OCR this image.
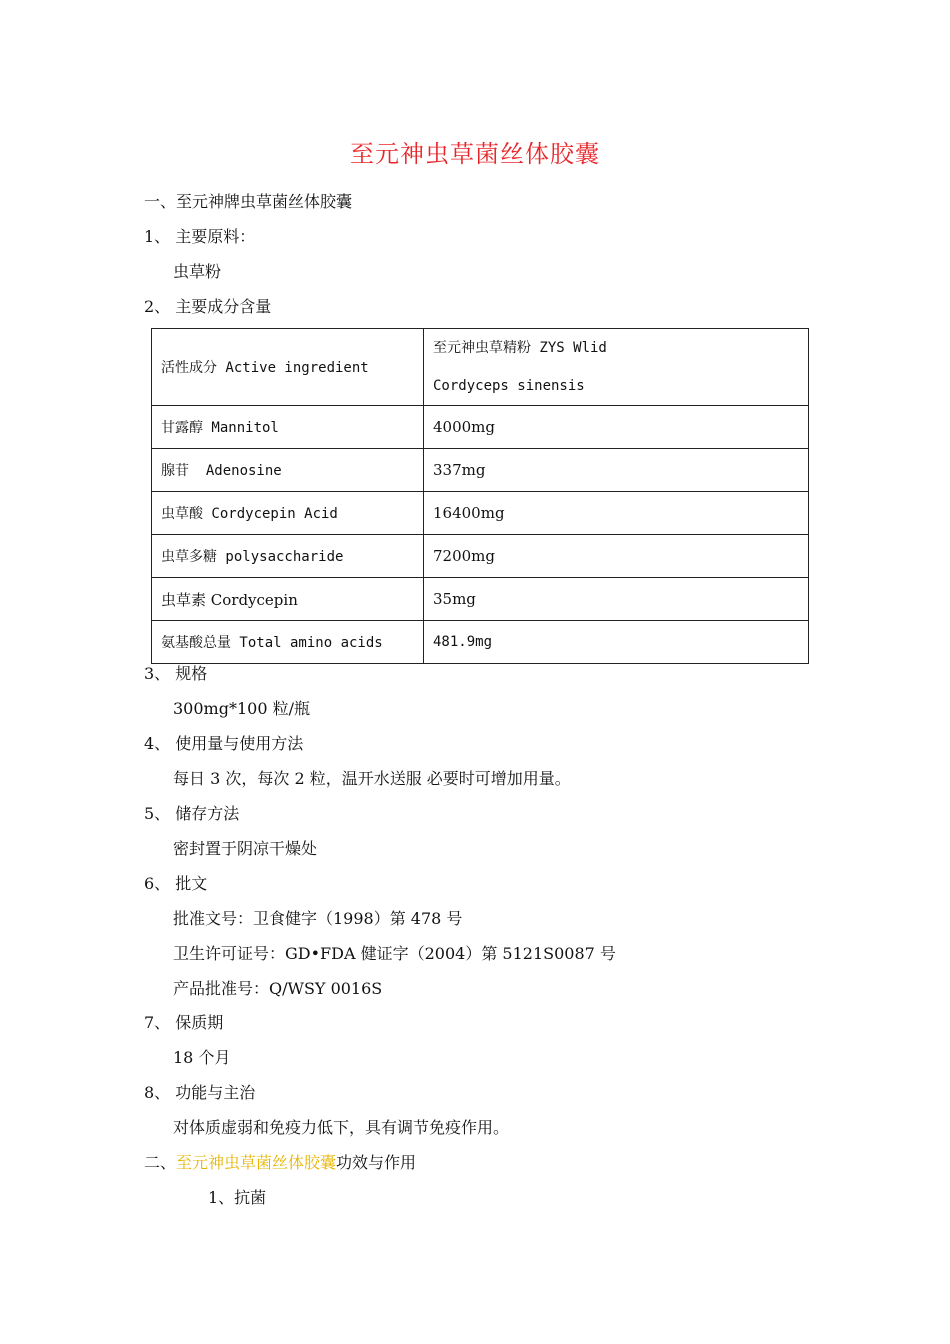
至元神虫草菌丝体胶囊
一、至元神牌虫草菌丝体胶囊
1、 主要原料：
虫草粉
2、 主要成分含量
活性成分 Active ingredient	至元神虫草精粉 ZYS Wlid
Cordyceps sinensis

甘露醇 Mannitol	4000mg
腺苷  Adenosine	337mg
虫草酸 Cordycepin Acid	16400mg
虫草多糖 polysaccharide	7200mg
虫草素 Cordycepin	35mg
氨基酸总量 Total amino acids	481.9mg
3、 规格
300mg*100 粒/瓶
4、 使用量与使用方法
每日 3 次，每次 2 粒，温开水送服 必要时可增加用量。
5、 储存方法
密封置于阴凉干燥处
6、 批文
批准文号：卫食健字（1998）第 478 号
卫生许可证号：GD•FDA 健证字（2004）第 5121S0087 号
产品批准号：Q/WSY 0016S
7、 保质期
18 个月
8、 功能与主治
对体质虚弱和免疫力低下，具有调节免疫作用。
二、至元神虫草菌丝体胶囊功效与作用
1、抗菌
